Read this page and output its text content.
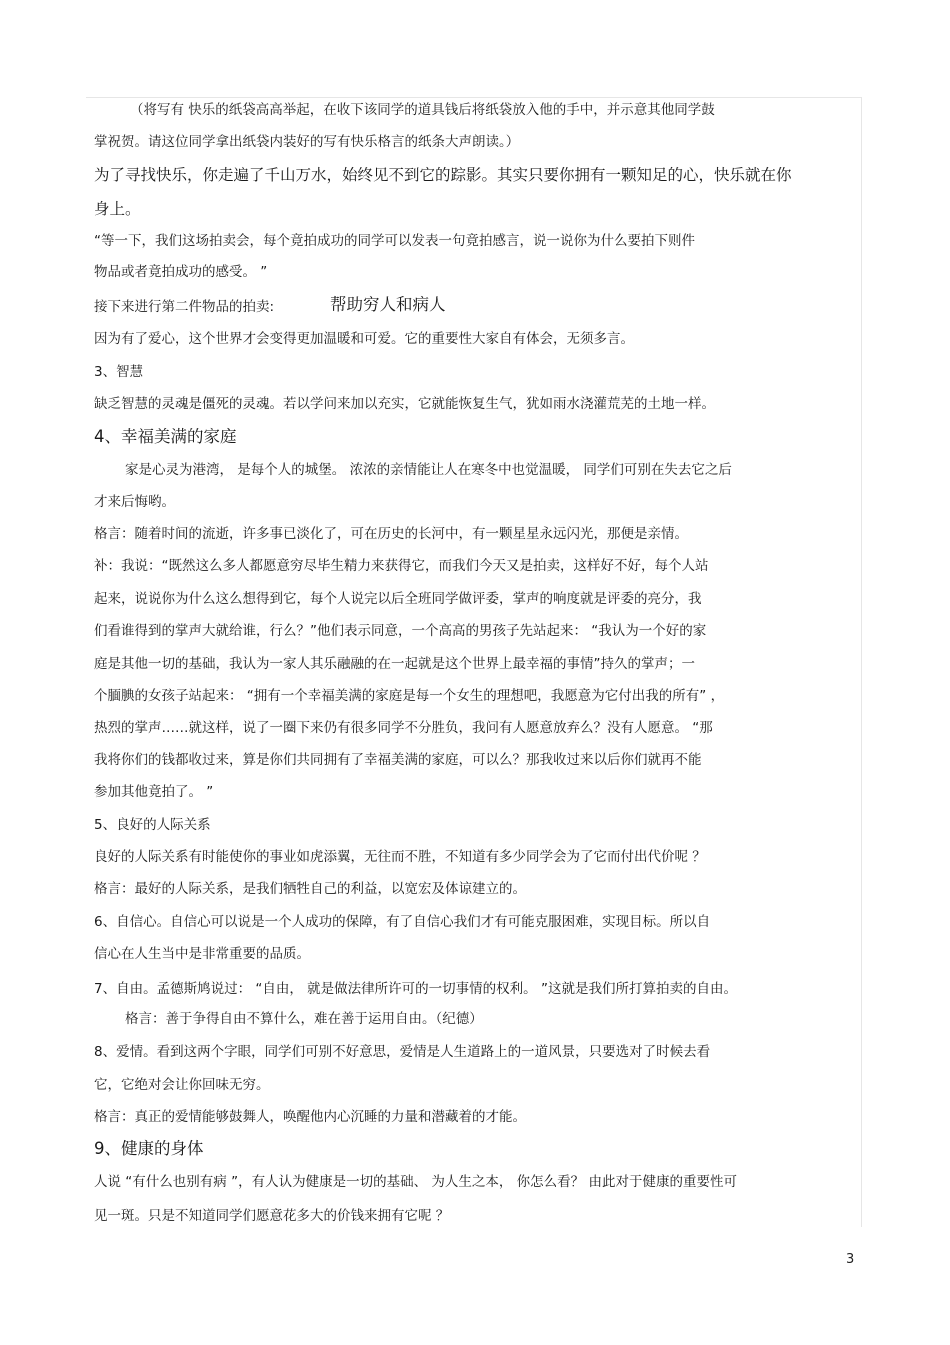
（将写有 快乐的纸袋高高举起，在收下该同学的道具钱后将纸袋放入他的手中，并示意其他同学鼓
掌祝贺。请这位同学拿出纸袋内装好的写有快乐格言的纸条大声朗读。）
为了寻找快乐，你走遍了千山万水，始终见不到它的踪影。其实只要你拥有一颗知足的心，快乐就在你
身上。
“等一下，我们这场拍卖会，每个竟拍成功的同学可以发表一句竟拍感言，说一说你为什么要拍下则件
物品或者竟拍成功的感受。 ”
接下来进行第二件物品的拍卖:	帮助穷人和病人
因为有了爱心，这个世界才会变得更加温暖和可爱。它的重要性大家自有体会，无须多言。
3、智慧
缺乏智慧的灵魂是僵死的灵魂。若以学问来加以充实，它就能恢复生气，犹如雨水浇灌荒芜的土地一样。
4、幸福美满的家庭
家是心灵为港湾， 是每个人的城堡。 浓浓的亲情能让人在寒冬中也觉温暖， 同学们可别在失去它之后
才来后悔哟。
格言：随着时间的流逝，许多事已淡化了，可在历史的长河中，有一颗星星永远闪光，那便是亲情。
补：我说：“既然这么多人都愿意穷尽毕生精力来获得它，而我们今天又是拍卖，这样好不好，每个人站
起来，说说你为什么这么想得到它，每个人说完以后全班同学做评委，掌声的响度就是评委的亮分，我
们看谁得到的掌声大就给谁，行么？”他们表示同意，一个高高的男孩子先站起来： “我认为一个好的家
庭是其他一切的基础，我认为一家人其乐融融的在一起就是这个世界上最幸福的事情”持久的掌声；一
个腼腆的女孩子站起来： “拥有一个幸福美满的家庭是每一个女生的理想吧，我愿意为它付出我的所有” ，
热烈的掌声……就这样，说了一圈下来仍有很多同学不分胜负，我问有人愿意放弃么？没有人愿意。 “那
我将你们的钱都收过来，算是你们共同拥有了幸福美满的家庭，可以么？那我收过来以后你们就再不能
参加其他竟拍了。 ”
5、良好的人际关系
良好的人际关系有时能使你的事业如虎添翼，无往而不胜，不知道有多少同学会为了它而付出代价呢 ？
格言：最好的人际关系，是我们牺牲自己的利益，以宽宏及体谅建立的。
6、自信心。自信心可以说是一个人成功的保障，有了自信心我们才有可能克服困难，实现目标。所以自
信心在人生当中是非常重要的品质。
7、自由。孟德斯鸠说过： “自由， 就是做法律所许可的一切事情的权利。 ”这就是我们所打算拍卖的自由。
格言：善于争得自由不算什么，难在善于运用自由。（纪德）
8、爱情。看到这两个字眼，同学们可别不好意思，爱情是人生道路上的一道风景，只要选对了时候去看
它，它绝对会让你回味无穷。
格言：真正的爱情能够鼓舞人，唤醒他内心沉睡的力量和潜藏着的才能。
9、健康的身体
人说 “有什么也别有病 ”，有人认为健康是一切的基础、 为人生之本， 你怎么看？ 由此对于健康的重要性可
见一斑。只是不知道同学们愿意花多大的价钱来拥有它呢 ？
3
